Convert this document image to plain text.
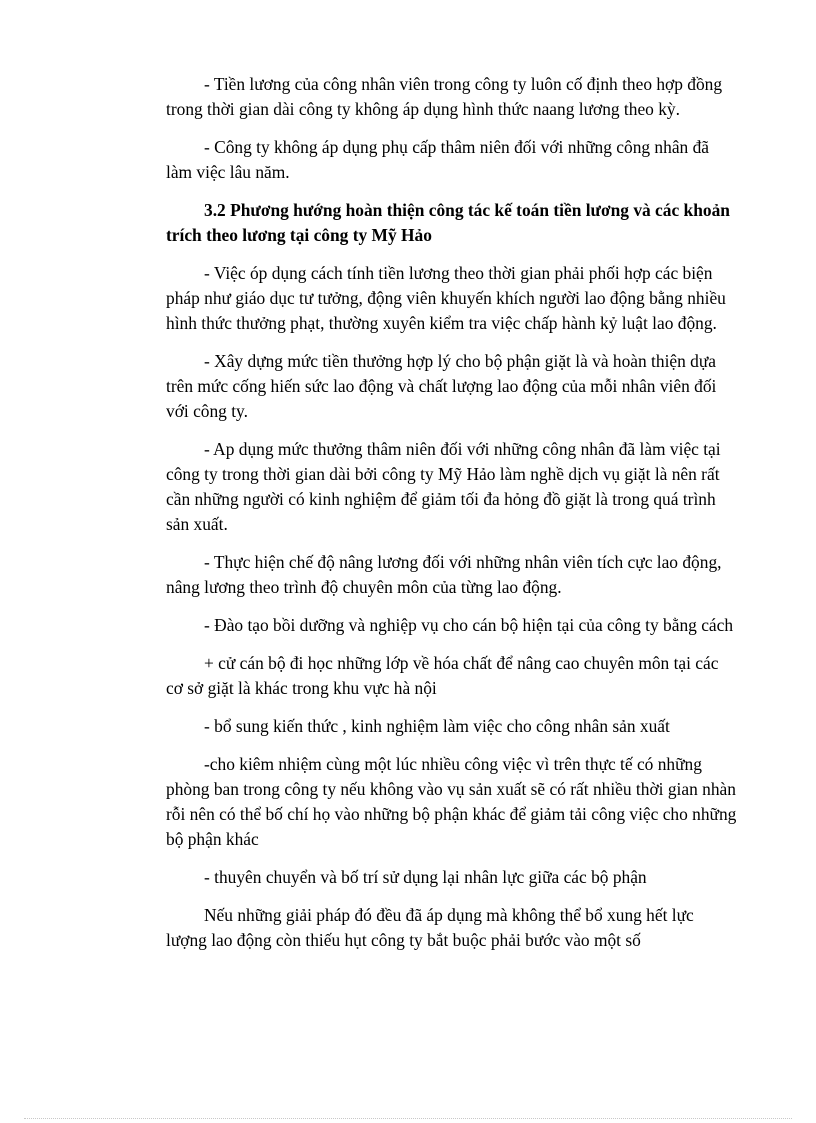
- Tiền lương của công nhân viên trong công ty luôn cố định theo hợp đồng trong thời gian dài công ty không áp dụng hình thức naang lương theo kỳ.

- Công ty không áp dụng phụ cấp thâm niên đối với những công nhân đã làm việc lâu năm.

3.2 Phương hướng hoàn thiện công tác kế toán tiền lương và các khoản trích theo lương tại công ty Mỹ Hảo

- Việc óp dụng cách tính tiền lương theo thời gian phải phối hợp các biện pháp như giáo dục tư tưởng, động viên khuyến khích người lao động bằng nhiều hình thức thưởng phạt, thường xuyên kiểm tra việc chấp hành kỷ luật lao động.

- Xây dựng mức tiền thưởng hợp lý cho bộ phận giặt là và hoàn thiện dựa trên mức cống hiến sức lao động và chất lượng lao động của mỗi nhân viên đối với công ty.

- Ap dụng mức thưởng thâm niên đối với những công nhân đã làm việc tại công ty trong thời gian dài bởi công ty Mỹ Hảo làm nghề dịch vụ giặt là nên rất cần những người có kinh nghiệm để giảm tối đa hỏng đồ giặt là trong quá trình sản xuất.

- Thực hiện chế độ nâng lương đối với những nhân viên tích cực lao động, nâng lương theo trình độ chuyên môn của từng lao động.

- Đào tạo bồi dưỡng và nghiệp vụ cho cán bộ hiện tại của công ty bằng cách

+ cử cán bộ đi học những lớp về hóa chất để nâng cao chuyên môn tại các cơ sở giặt là khác trong khu vực hà nội

- bổ sung kiến thức , kinh nghiệm làm việc cho công nhân sản xuất

-cho kiêm nhiệm cùng một lúc nhiều công việc vì trên thực tế có những phòng ban trong công ty nếu không vào vụ sản xuất sẽ có rất nhiều thời gian nhàn rỗi nên có thể bố chí họ vào những bộ phận khác để giảm tải công việc cho những bộ phận khác

- thuyên chuyển và bố trí sử dụng lại nhân lực giữa các bộ phận

Nếu những giải pháp đó đều đã áp dụng mà không thể bổ xung hết lực lượng lao động còn thiếu hụt công ty bắt buộc phải bước vào một số
